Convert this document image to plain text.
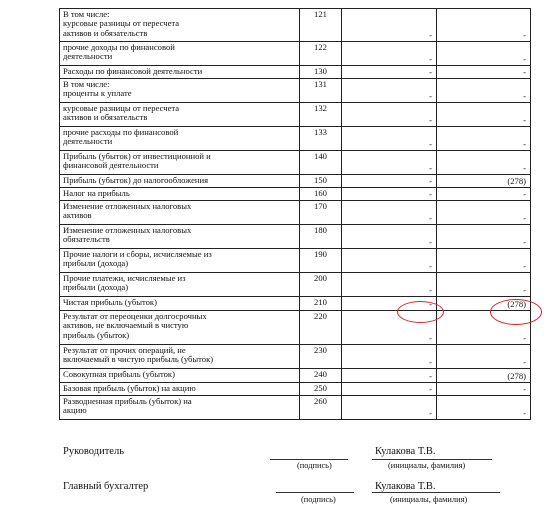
В том числе:
курсовые разницы от пересчета
активов и обязательств	121	-	-

прочие доходы по финансовой
деятельности	122	-	-

Расходы по финансовой деятельности	130	-	-

В том числе:
проценты к уплате	131	-	-

курсовые разницы от пересчета
активов и обязательств	132	-	-

прочие расходы по финансовой
деятельности	133	-	-

Прибыль (убыток) от инвестиционной и
финансовой деятельности	140	-	-

Прибыль (убыток) до налогообложения	150	-	(278)

Налог на прибыль	160	-	-

Изменение отложенных налоговых
активов	170	-	-

Изменение отложенных налоговых
обязательств	180	-	-

Прочие налоги и сборы, исчисляемые из
прибыли (дохода)	190	-	-

Прочие платежи, исчисляемые из
прибыли (дохода)	200	-	-

Чистая прибыль (убыток)	210	-	(278)

Результат от переоценки долгосрочных
активов, не включаемый в чистую
прибыль (убыток)	220	-	-

Результат от прочих операций, не
включаемый в чистую прибыль (убыток)	230	-	-

Совокупная прибыль (убыток)	240	-	(278)

Базовая прибыль (убыток) на акцию	250	-	-

Разводненная прибыль (убыток) на
акцию	260	-	-
Руководитель	Кулакова Т.В.
(подпись)	(инициалы, фамилия)
Главный бухгалтер	Кулакова Т.В.
(подпись)	(инициалы, фамилия)
